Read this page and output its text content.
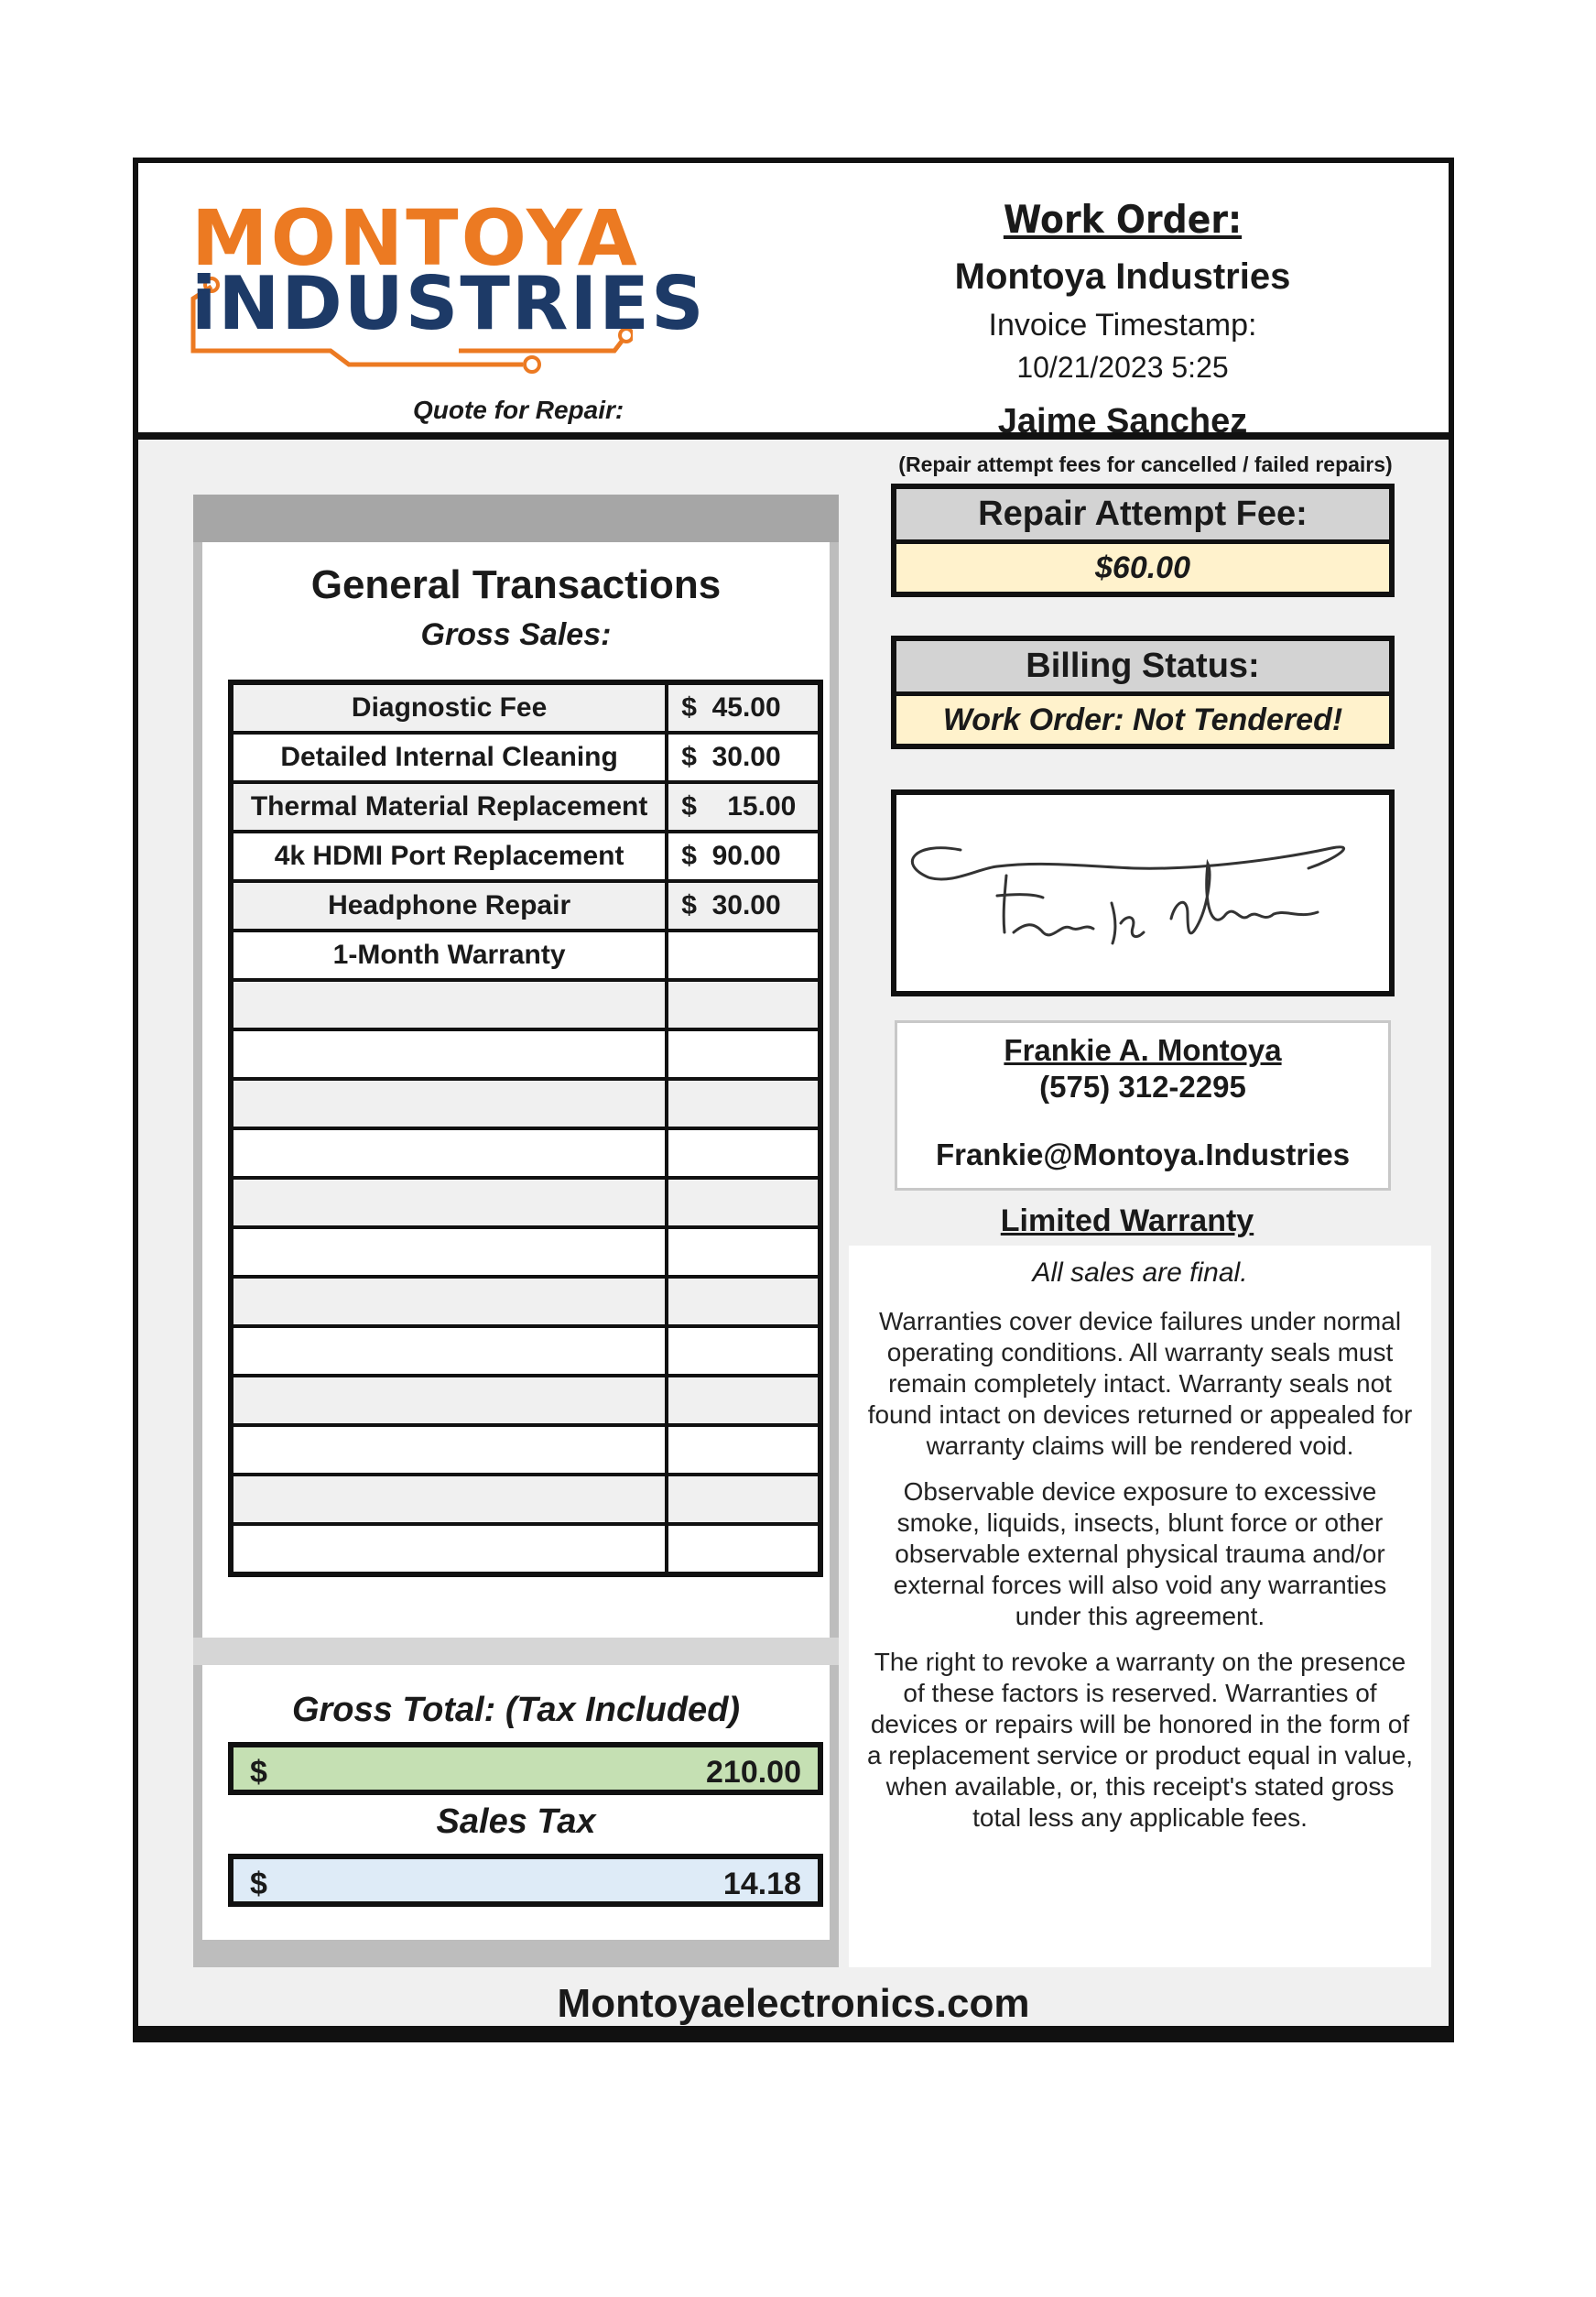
MONTOYA
iNDUSTRIES
Quote for Repair:
Work Order:
Montoya Industries
Invoice Timestamp:
10/21/2023 5:25
Jaime Sanchez
General Transactions
Gross Sales:
Diagnostic Fee	$  45.00
Detailed Internal Cleaning	$  30.00
Thermal Material Replacement	$    15.00
4k HDMI Port Replacement	$  90.00
Headphone Repair	$  30.00
1-Month Warranty	

Gross Total: (Tax Included)
$	210.00
Sales Tax
$	14.18
(Repair attempt fees for cancelled / failed repairs)
Repair Attempt Fee:
$60.00
Billing Status:
Work Order: Not Tendered!
Frankie A. Montoya
(575) 312-2295
Frankie@Montoya.Industries
Limited Warranty
All sales are final.

Warranties cover device failures under normal operating conditions. All warranty seals must remain completely intact. Warranty seals not found intact on devices returned or appealed for warranty claims will be rendered void.

Observable device exposure to excessive smoke, liquids, insects, blunt force or other observable external physical trauma and/or external forces will also void any warranties under this agreement.

The right to revoke a warranty on the presence of these factors is reserved. Warranties of devices or repairs will be honored in the form of a replacement service or product equal in value, when available, or, this receipt's stated gross total less any applicable fees.

Montoyaelectronics.com
